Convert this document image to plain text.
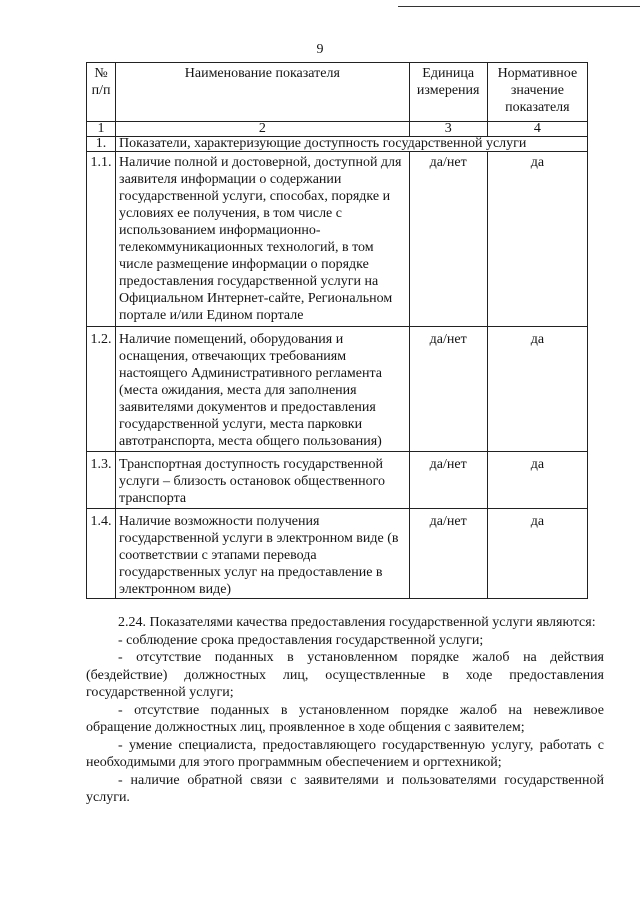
9
№ п/п	Наименование показателя	Единица измерения	Нормативное значение показателя
1	2	3	4
1.	Показатели, характеризующие доступность государственной услуги		
1.1.	Наличие полной и достоверной, доступной для заявителя информации о содержании государственной услуги, способах, порядке и условиях ее получения, в том числе с использованием информационно-телекоммуникационных технологий, в том числе размещение информации о порядке предоставления государственной услуги на Официальном Интернет-сайте, Региональном портале и/или Едином портале	да/нет	да
1.2.	Наличие помещений, оборудования и оснащения, отвечающих требованиям настоящего Административного регламента (места ожидания, места для заполнения заявителями документов и предоставления государственной услуги, места парковки автотранспорта, места общего пользования)	да/нет	да
1.3.	Транспортная доступность государственной услуги – близость остановок общественного транспорта	да/нет	да
1.4.	Наличие возможности получения государственной услуги в электронном виде (в соответствии с этапами перевода государственных услуг на предоставление в электронном виде)	да/нет	да

2.24. Показателями качества предоставления государственной услуги являются:

- соблюдение срока предоставления государственной услуги;

- отсутствие поданных в установленном порядке жалоб на действия (бездействие) должностных лиц, осуществленные в ходе предоставления государственной услуги;

- отсутствие поданных в установленном порядке жалоб на невежливое обращение должностных лиц, проявленное в ходе общения с заявителем;

- умение специалиста, предоставляющего государственную услугу, работать с необходимыми для этого программным обеспечением и оргтехникой;

- наличие обратной связи с заявителями и пользователями государственной услуги.
